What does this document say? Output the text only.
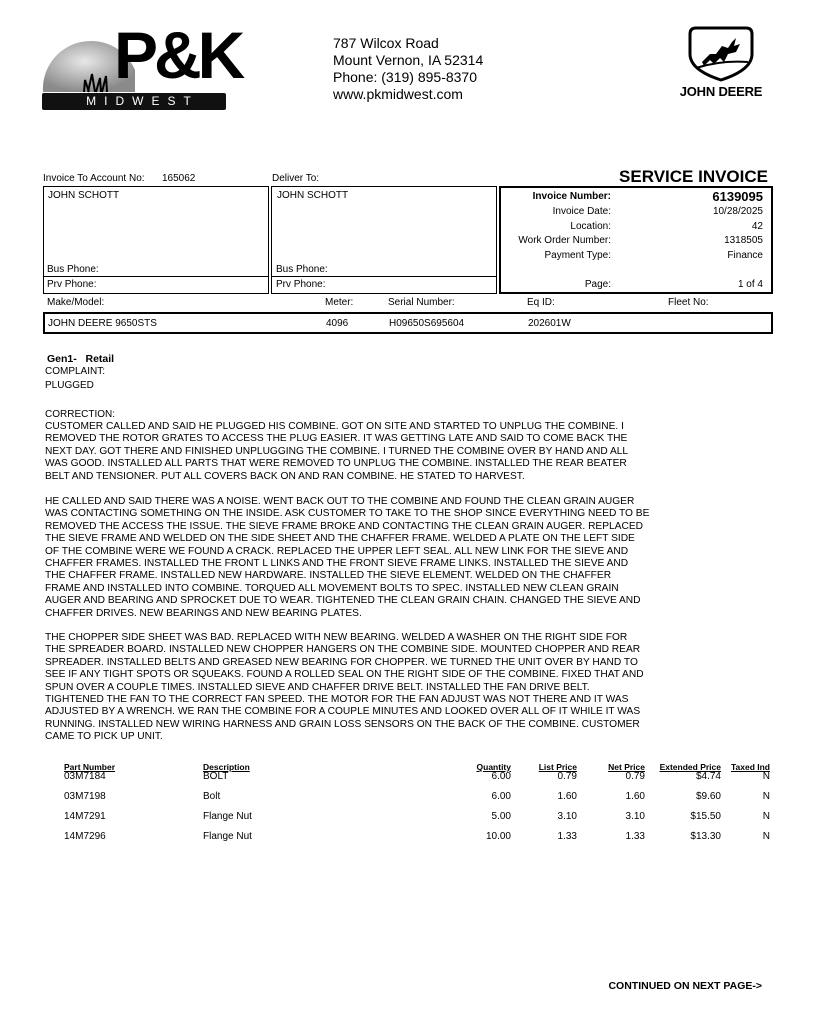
P&K
MIDWEST
787 Wilcox Road
Mount Vernon, IA 52314
Phone: (319) 895-8370
www.pkmidwest.com	JOHN DEERE
Invoice To Account No: 165062	Deliver To:	SERVICE INVOICE
JOHN SCHOTT
Bus Phone:
Prv Phone:
JOHN SCHOTT
Bus Phone:
Prv Phone:
Invoice Number:	6139095
Invoice Date:	10/28/2025
Location:	42
Work Order Number:	1318505
Payment Type:	Finance
Page:	1 of 4
Make/Model:	Meter:	Serial Number:	Eq ID:	Fleet No:
JOHN DEERE 9650STS	4096	H09650S695604	202601W
Gen1-   Retail
COMPLAINT:
PLUGGED
CORRECTION:
CUSTOMER CALLED AND SAID HE PLUGGED HIS COMBINE. GOT ON SITE AND STARTED TO UNPLUG THE COMBINE. I
REMOVED THE ROTOR GRATES TO ACCESS THE PLUG EASIER. IT WAS GETTING LATE AND SAID TO COME BACK THE
NEXT DAY. GOT THERE AND FINISHED UNPLUGGING THE COMBINE. I TURNED THE COMBINE OVER BY HAND AND ALL
WAS GOOD. INSTALLED ALL PARTS THAT WERE REMOVED TO UNPLUG THE COMBINE. INSTALLED THE REAR BEATER
BELT AND TENSIONER. PUT ALL COVERS BACK ON AND RAN COMBINE. HE STATED TO HARVEST.
HE CALLED AND SAID THERE WAS A NOISE. WENT BACK OUT TO THE COMBINE AND FOUND THE CLEAN GRAIN AUGER
WAS CONTACTING SOMETHING ON THE INSIDE. ASK CUSTOMER TO TAKE TO THE SHOP SINCE EVERYTHING NEED TO BE
REMOVED THE ACCESS THE ISSUE. THE SIEVE FRAME BROKE AND CONTACTING THE CLEAN GRAIN AUGER. REPLACED
THE SIEVE FRAME AND WELDED ON THE SIDE SHEET AND THE CHAFFER FRAME. WELDED A PLATE ON THE LEFT SIDE
OF THE COMBINE WERE WE FOUND A CRACK. REPLACED THE UPPER LEFT SEAL. ALL NEW LINK FOR THE SIEVE AND
CHAFFER FRAMES. INSTALLED THE FRONT L LINKS AND THE FRONT SIEVE FRAME LINKS. INSTALLED THE SIEVE AND
THE CHAFFER FRAME. INSTALLED NEW HARDWARE. INSTALLED THE SIEVE ELEMENT. WELDED ON THE CHAFFER
FRAME AND INSTALLED INTO COMBINE. TORQUED ALL MOVEMENT BOLTS TO SPEC. INSTALLED NEW CLEAN GRAIN
AUGER AND BEARING AND SPROCKET DUE TO WEAR. TIGHTENED THE CLEAN GRAIN CHAIN. CHANGED THE SIEVE AND
CHAFFER DRIVES. NEW BEARINGS AND NEW BEARING PLATES.
THE CHOPPER SIDE SHEET WAS BAD. REPLACED WITH NEW BEARING. WELDED A WASHER ON THE RIGHT SIDE FOR
THE SPREADER BOARD. INSTALLED NEW CHOPPER HANGERS ON THE COMBINE SIDE. MOUNTED CHOPPER AND REAR
SPREADER. INSTALLED BELTS AND GREASED NEW BEARING FOR CHOPPER. WE TURNED THE UNIT OVER BY HAND TO
SEE IF ANY TIGHT SPOTS OR SQUEAKS. FOUND A ROLLED SEAL ON THE RIGHT SIDE OF THE COMBINE. FIXED THAT AND
SPUN OVER A COUPLE TIMES. INSTALLED SIEVE AND CHAFFER DRIVE BELT. INSTALLED THE FAN DRIVE BELT.
TIGHTENED THE FAN TO THE CORRECT FAN SPEED. THE MOTOR FOR THE FAN ADJUST WAS NOT THERE AND IT WAS
ADJUSTED BY A WRENCH. WE RAN THE COMBINE FOR A COUPLE MINUTES AND LOOKED OVER ALL OF IT WHILE IT WAS
RUNNING. INSTALLED NEW WIRING HARNESS AND GRAIN LOSS SENSORS ON THE BACK OF THE COMBINE. CUSTOMER
CAME TO PICK UP UNIT.
Part Number	Description	Quantity	List Price	Net Price	Extended Price	Taxed Ind
03M7184	BOLT	6.00	0.79	0.79	$4.74	N
03M7198	Bolt	6.00	1.60	1.60	$9.60	N
14M7291	Flange Nut	5.00	3.10	3.10	$15.50	N
14M7296	Flange Nut	10.00	1.33	1.33	$13.30	N
CONTINUED ON NEXT PAGE->
